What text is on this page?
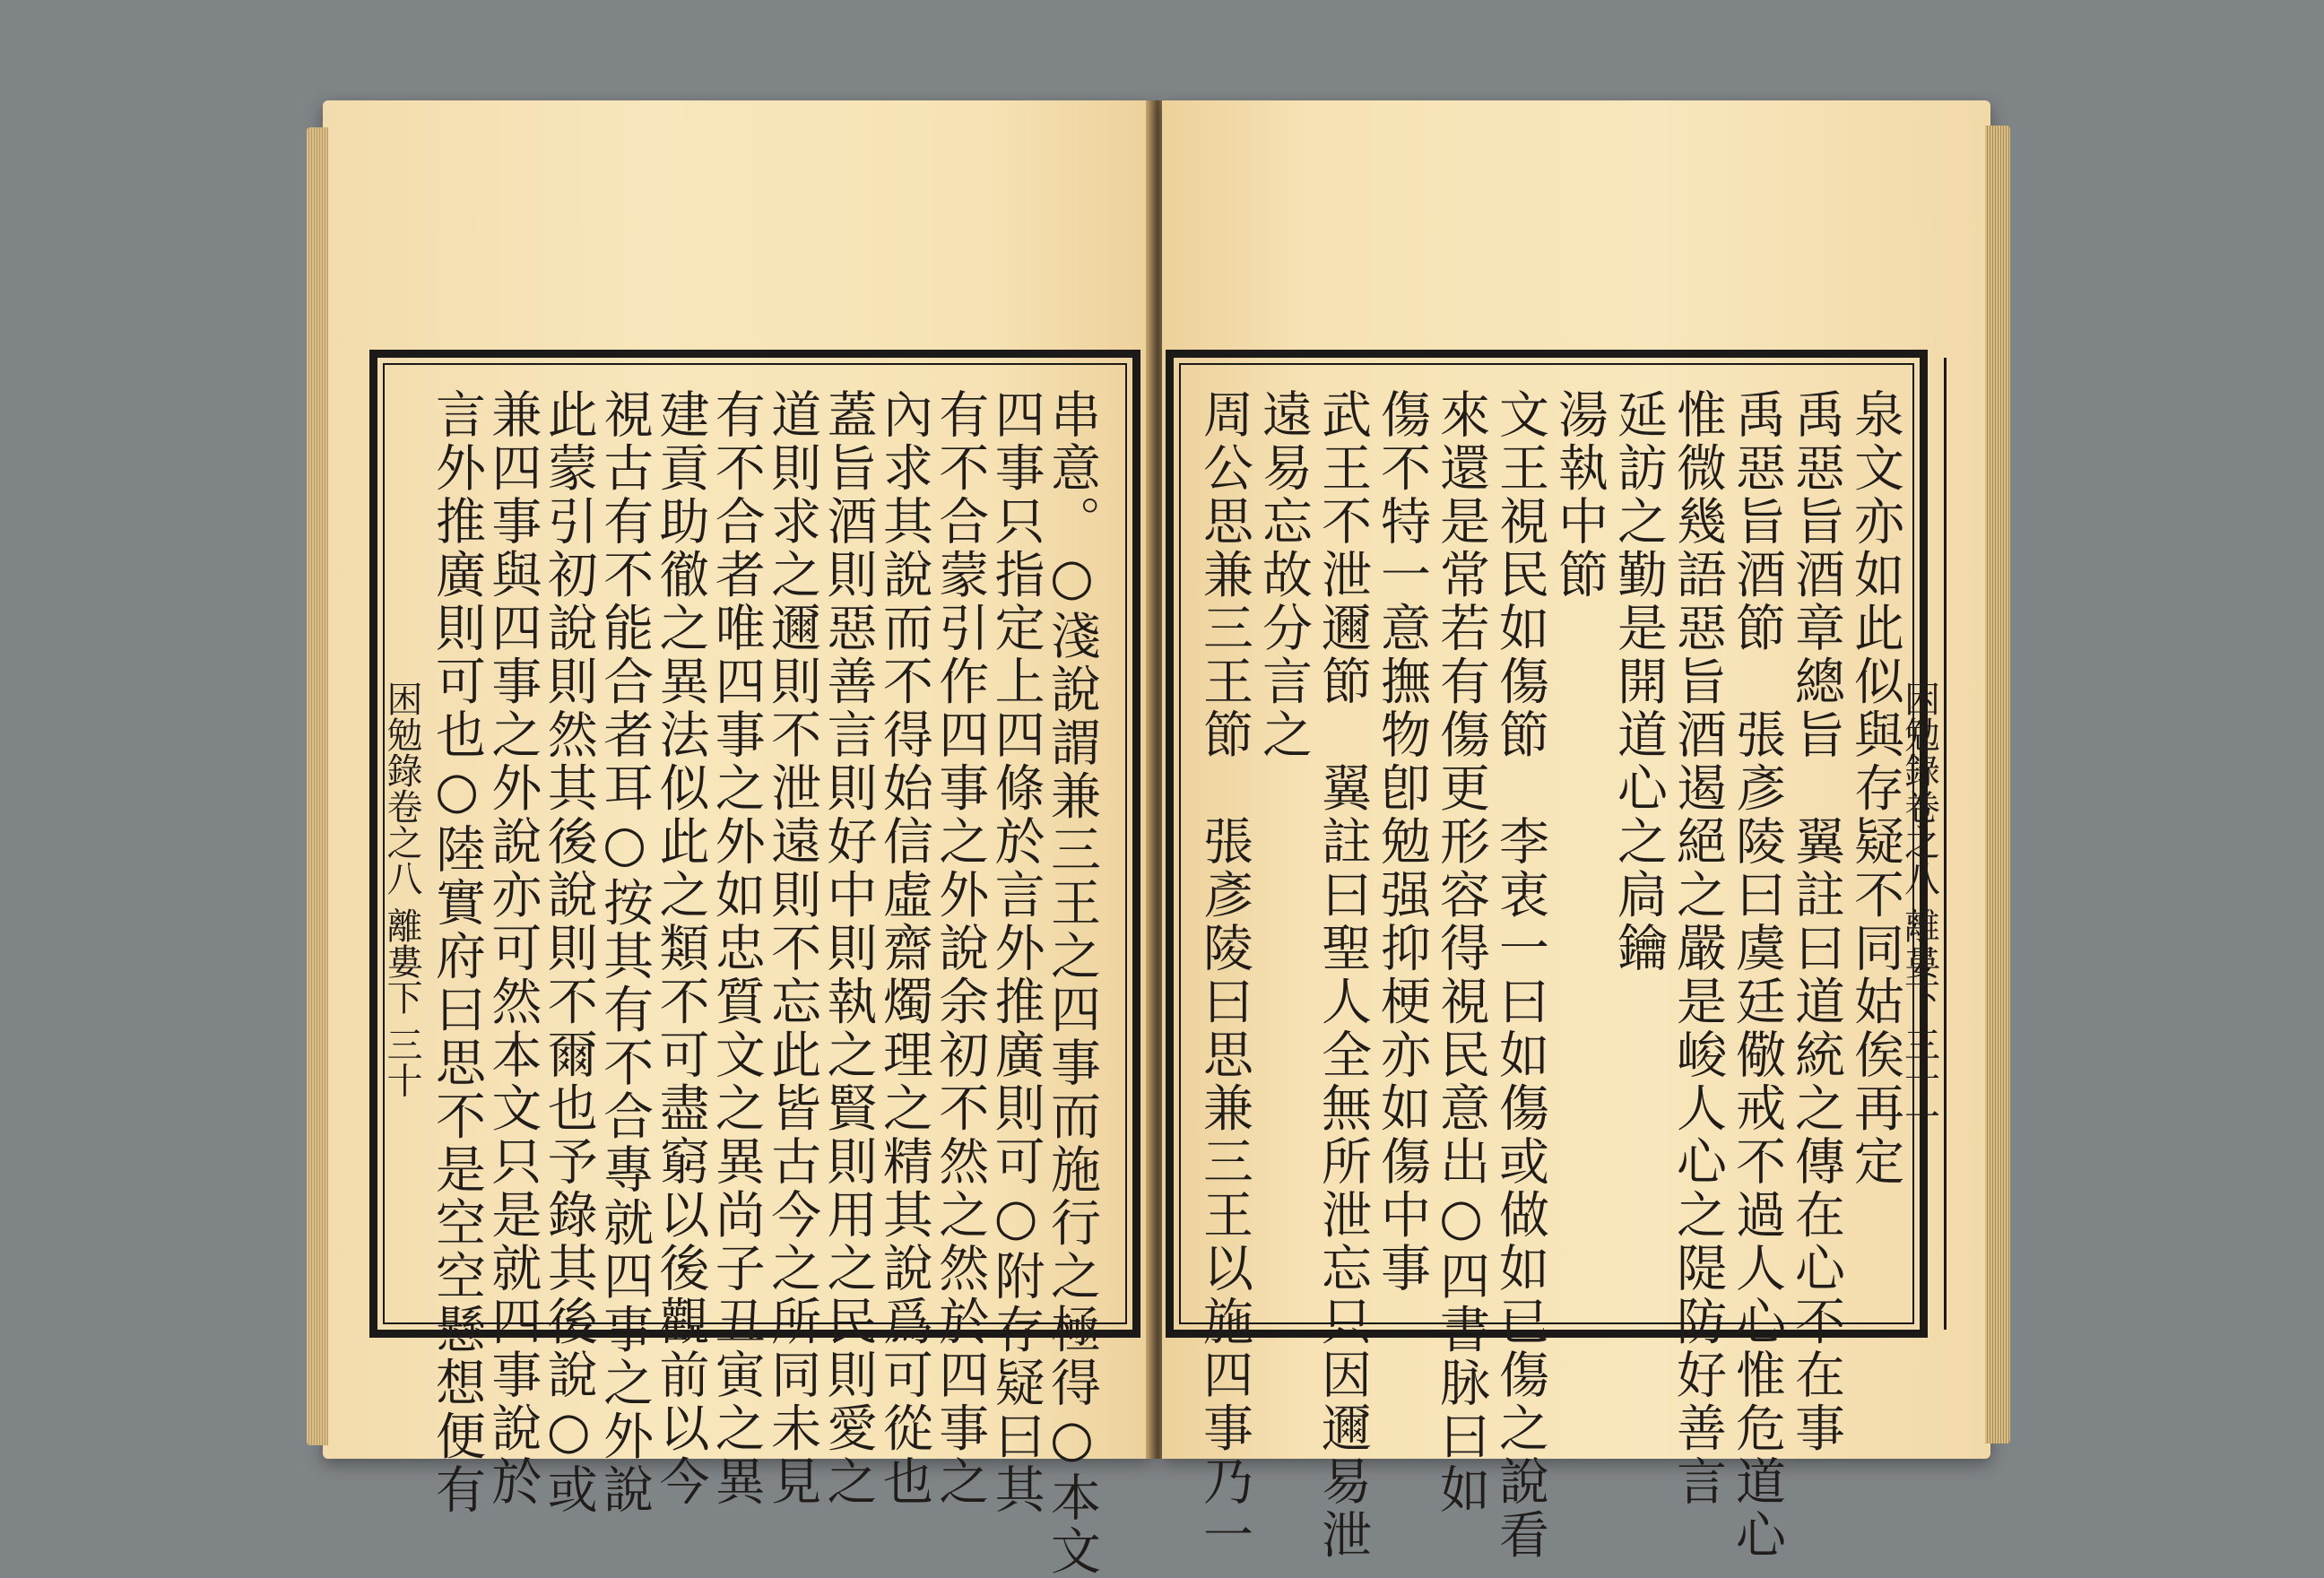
困勉錄卷之八 離婁下 三十	串意。○淺說謂兼三王之四事而施行之極得○本文
四事只指定上四條於言外推廣則可○附存疑曰其
有不合蒙引作四事之外說余初不然之然於四事之
內求其說而不得始信虛齋燭理之精其說爲可從也
蓋旨酒則惡善言則好中則執之賢則用之民則愛之
道則求之邇則不泄遠則不忘此皆古今之所同未見
有不合者唯四事之外如忠質文之異尚子丑寅之異
建貢助徹之異法似此之類不可盡窮以後觀前以今
視古有不能合者耳○按其有不合專就四事之外說
此蒙引初說則然其後說則不爾也予錄其後說○或
兼四事與四事之外說亦可然本文只是就四事說於
言外推廣則可也○陸實府曰思不是空空懸想便有	泉文亦如此似與存疑不同姑俟再定
禹惡旨酒章總旨　翼註曰道統之傳在心不在事
禹惡旨酒節　張彥陵曰虞廷儆戒不過人心惟危道心
惟微幾語惡旨酒遏絕之嚴是峻人心之隄防好善言
延訪之勤是開道心之扃鑰
湯執中節
文王視民如傷節　李衷一曰如傷或做如已傷之說看
來還是常若有傷更形容得視民意出○四書脉曰如
傷不特一意撫物卽勉强抑梗亦如傷中事
武王不泄邇節　翼註曰聖人全無所泄忘只因邇易泄
遠易忘故分言之
周公思兼三王節　張彥陵曰思兼三王以施四事乃一	困勉錄卷之八 離婁下 三十一
